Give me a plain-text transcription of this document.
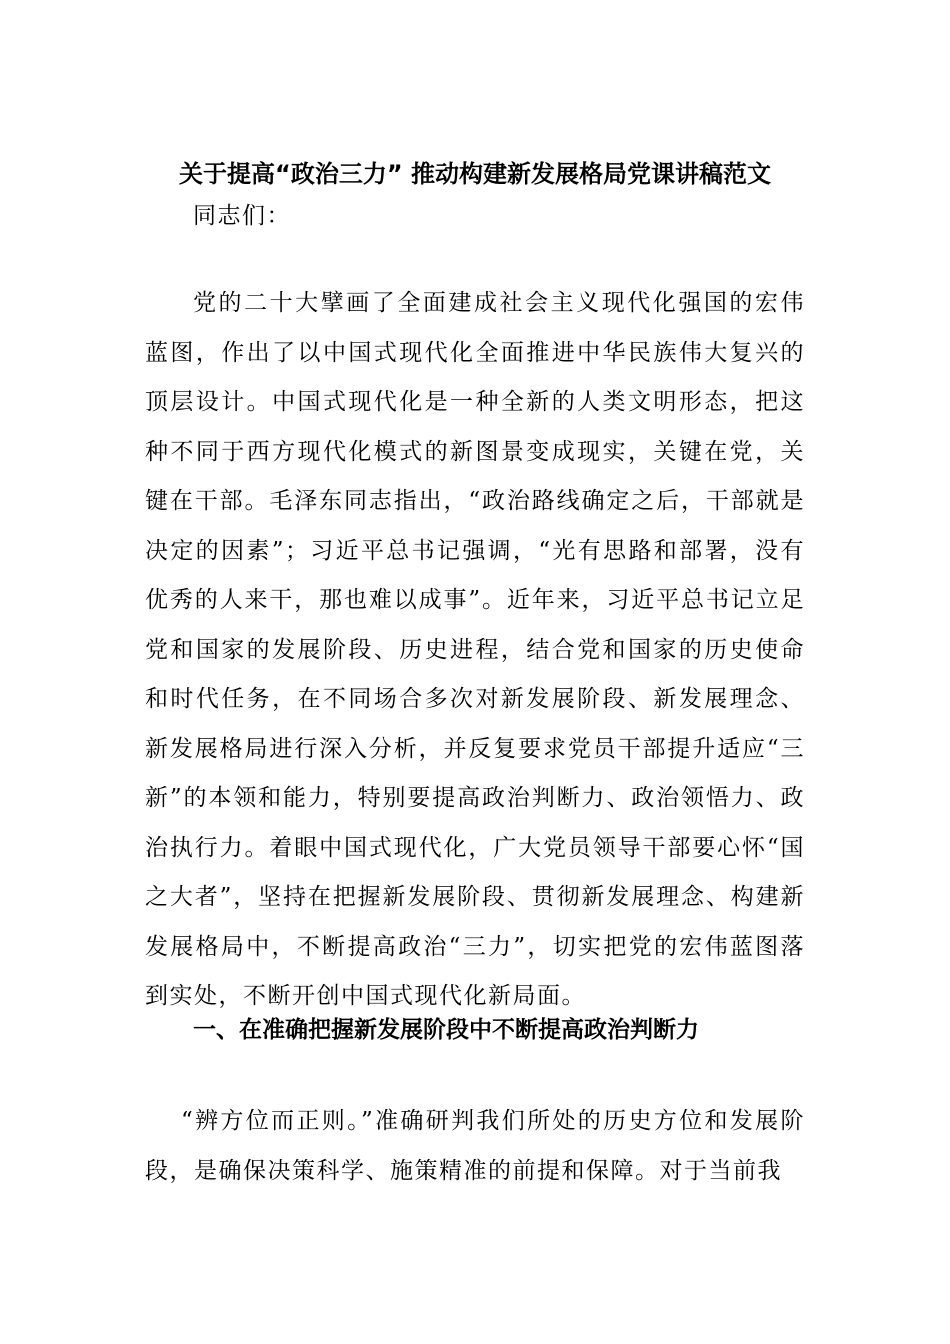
关于提高“政治三力” 推动构建新发展格局党课讲稿范文
同志们：
党的二十大擘画了全面建成社会主义现代化强国的宏伟蓝图，作出了以中国式现代化全面推进中华民族伟大复兴的顶层设计。中国式现代化是一种全新的人类文明形态，把这种不同于西方现代化模式的新图景变成现实，关键在党，关键在干部。毛泽东同志指出，“政治路线确定之后，干部就是决定的因素”；习近平总书记强调，“光有思路和部署，没有优秀的人来干，那也难以成事”。近年来，习近平总书记立足党和国家的发展阶段、历史进程，结合党和国家的历史使命和时代任务，在不同场合多次对新发展阶段、新发展理念、新发展格局进行深入分析，并反复要求党员干部提升适应“三新”的本领和能力，特别要提高政治判断力、政治领悟力、政治执行力。着眼中国式现代化，广大党员领导干部要心怀“国之大者”，坚持在把握新发展阶段、贯彻新发展理念、构建新发展格局中，不断提高政治“三力”，切实把党的宏伟蓝图落到实处，不断开创中国式现代化新局面。
一、在准确把握新发展阶段中不断提高政治判断力
“辨方位而正则。”准确研判我们所处的历史方位和发展阶段，是确保决策科学、施策精准的前提和保障。对于当前我
